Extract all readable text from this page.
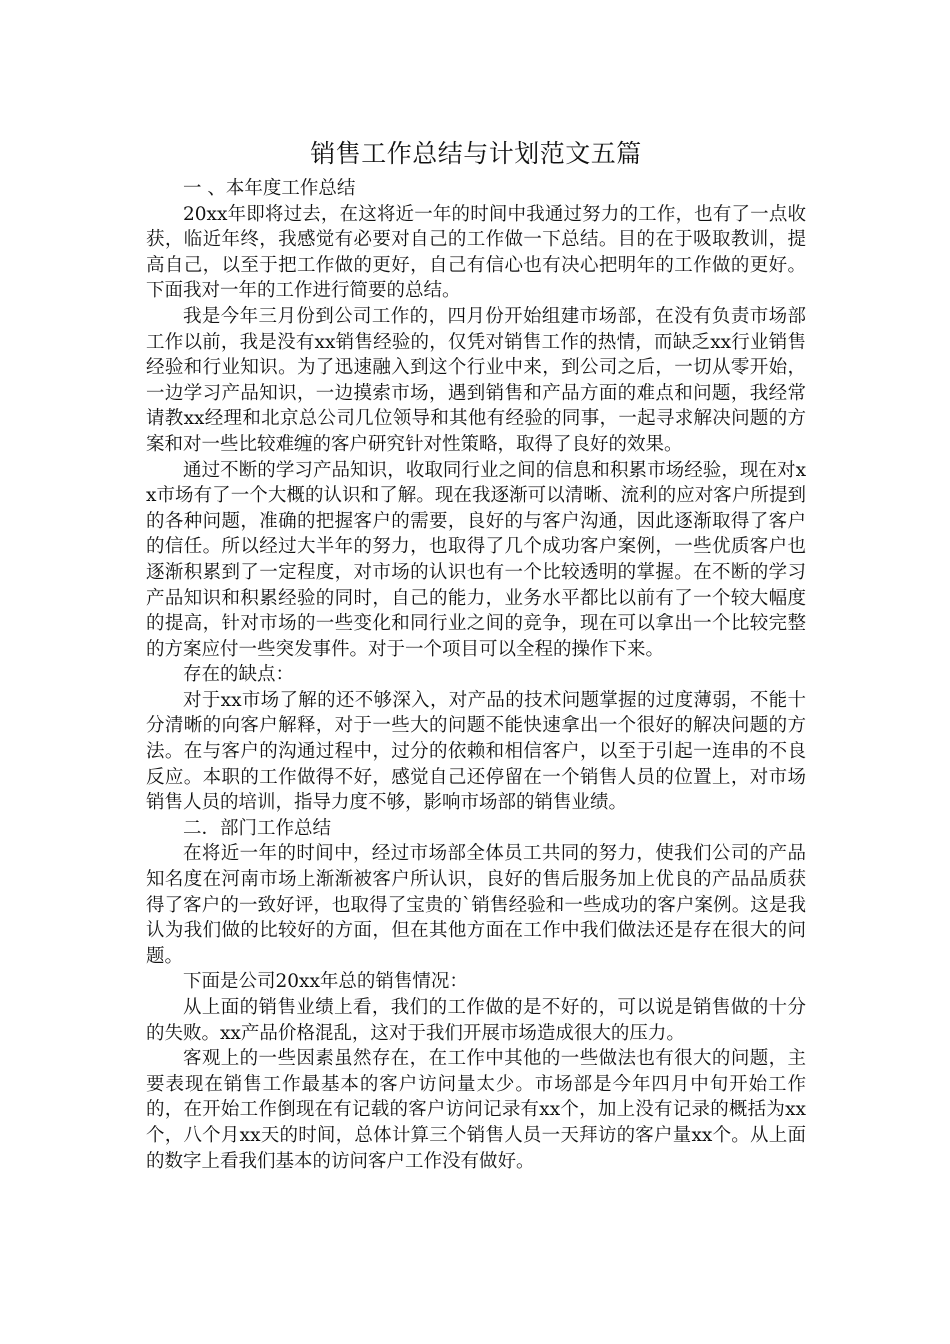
销售工作总结与计划范文五篇

一 、本年度工作总结

20xx年即将过去，在这将近一年的时间中我通过努力的工作，也有了一点收获，临近年终，我感觉有必要对自己的工作做一下总结。目的在于吸取教训，提高自己，以至于把工作做的更好，自己有信心也有决心把明年的工作做的更好。下面我对一年的工作进行简要的总结。

我是今年三月份到公司工作的，四月份开始组建市场部，在没有负责市场部工作以前，我是没有xx销售经验的，仅凭对销售工作的热情，而缺乏xx行业销售经验和行业知识。为了迅速融入到这个行业中来，到公司之后，一切从零开始，一边学习产品知识，一边摸索市场，遇到销售和产品方面的难点和问题，我经常请教xx经理和北京总公司几位领导和其他有经验的同事，一起寻求解决问题的方案和对一些比较难缠的客户研究针对性策略，取得了良好的效果。

通过不断的学习产品知识，收取同行业之间的信息和积累市场经验，现在对xx市场有了一个大概的认识和了解。现在我逐渐可以清晰、流利的应对客户所提到的各种问题，准确的把握客户的需要，良好的与客户沟通，因此逐渐取得了客户的信任。所以经过大半年的努力，也取得了几个成功客户案例，一些优质客户也逐渐积累到了一定程度，对市场的认识也有一个比较透明的掌握。在不断的学习产品知识和积累经验的同时，自己的能力，业务水平都比以前有了一个较大幅度的提高，针对市场的一些变化和同行业之间的竞争，现在可以拿出一个比较完整的方案应付一些突发事件。对于一个项目可以全程的操作下来。

存在的缺点：

对于xx市场了解的还不够深入，对产品的技术问题掌握的过度薄弱，不能十分清晰的向客户解释，对于一些大的问题不能快速拿出一个很好的解决问题的方法。在与客户的沟通过程中，过分的依赖和相信客户，以至于引起一连串的不良反应。本职的工作做得不好，感觉自己还停留在一个销售人员的位置上，对市场销售人员的培训，指导力度不够，影响市场部的销售业绩。

二．部门工作总结

在将近一年的时间中，经过市场部全体员工共同的努力，使我们公司的产品知名度在河南市场上渐渐被客户所认识，良好的售后服务加上优良的产品品质获得了客户的一致好评，也取得了宝贵的`销售经验和一些成功的客户案例。这是我认为我们做的比较好的方面，但在其他方面在工作中我们做法还是存在很大的问题。

下面是公司20xx年总的销售情况：

从上面的销售业绩上看，我们的工作做的是不好的，可以说是销售做的十分的失败。xx产品价格混乱，这对于我们开展市场造成很大的压力。

客观上的一些因素虽然存在，在工作中其他的一些做法也有很大的问题，主要表现在销售工作最基本的客户访问量太少。市场部是今年四月中旬开始工作的，在开始工作倒现在有记载的客户访问记录有xx个，加上没有记录的概括为xx个，八个月xx天的时间，总体计算三个销售人员一天拜访的客户量xx个。从上面的数字上看我们基本的访问客户工作没有做好。
